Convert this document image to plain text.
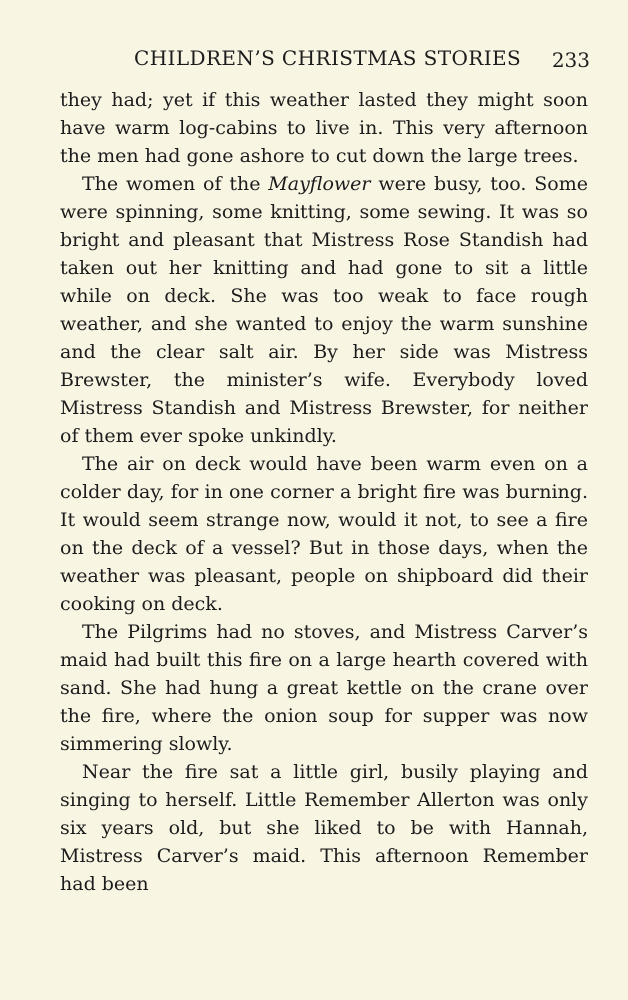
CHILDREN’S CHRISTMAS STORIES 233

they had; yet if this weather lasted they might soon have warm log-cabins to live in. This very afternoon the men had gone ashore to cut down the large trees.

The women of the Mayflower were busy, too. Some were spinning, some knitting, some sewing. It was so bright and pleasant that Mistress Rose Standish had taken out her knitting and had gone to sit a little while on deck. She was too weak to face rough weather, and she wanted to enjoy the warm sunshine and the clear salt air. By her side was Mistress Brewster, the minister’s wife. Everybody loved Mistress Standish and Mistress Brewster, for neither of them ever spoke unkindly.

The air on deck would have been warm even on a colder day, for in one corner a bright fire was burning. It would seem strange now, would it not, to see a fire on the deck of a vessel? But in those days, when the weather was pleasant, people on shipboard did their cooking on deck.

The Pilgrims had no stoves, and Mistress Carver’s maid had built this fire on a large hearth covered with sand. She had hung a great kettle on the crane over the fire, where the onion soup for supper was now simmering slowly.

Near the fire sat a little girl, busily playing and singing to herself. Little Remember Allerton was only six years old, but she liked to be with Hannah, Mistress Carver’s maid. This afternoon Remember had been
